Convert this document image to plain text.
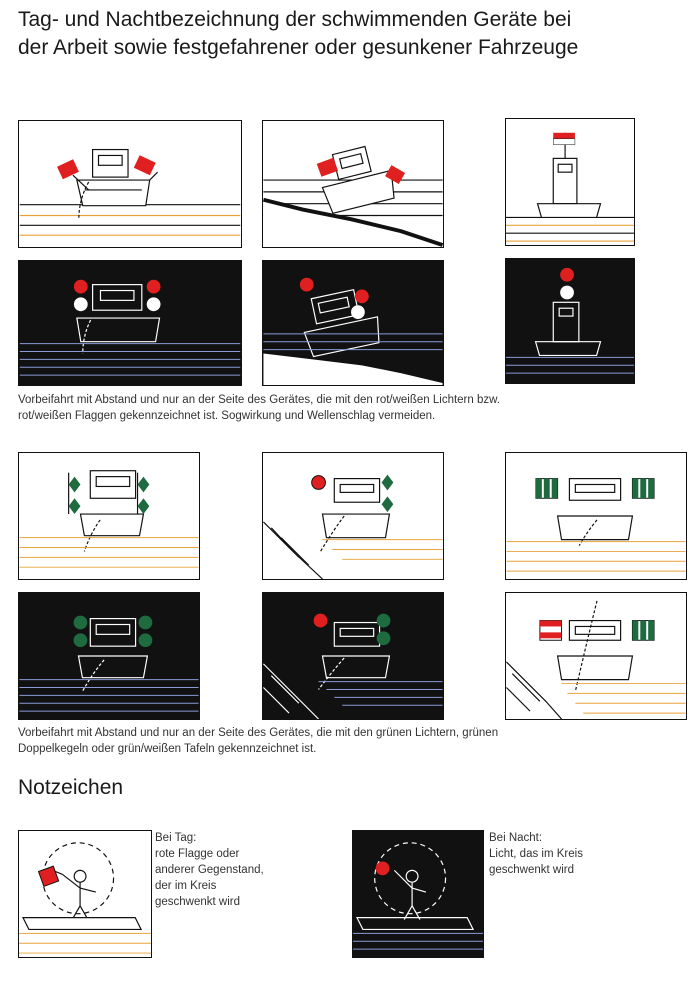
Tag- und Nachtbezeichnung der schwimmenden Geräte bei
der Arbeit sowie festgefahrener oder gesunkener Fahrzeuge

Vorbeifahrt mit Abstand und nur an der Seite des Gerätes, die mit den rot/weißen Lichtern bzw.
rot/weißen Flaggen gekennzeichnet ist. Sogwirkung und Wellenschlag vermeiden.

Vorbeifahrt mit Abstand und nur an der Seite des Gerätes, die mit den grünen Lichtern, grünen
Doppelkegeln oder grün/weißen Tafeln gekennzeichnet ist.

Notzeichen
Bei Tag:
rote Flagge oder
anderer Gegenstand,
der im Kreis
geschwenkt wird
Bei Nacht:
Licht, das im Kreis
geschwenkt wird
